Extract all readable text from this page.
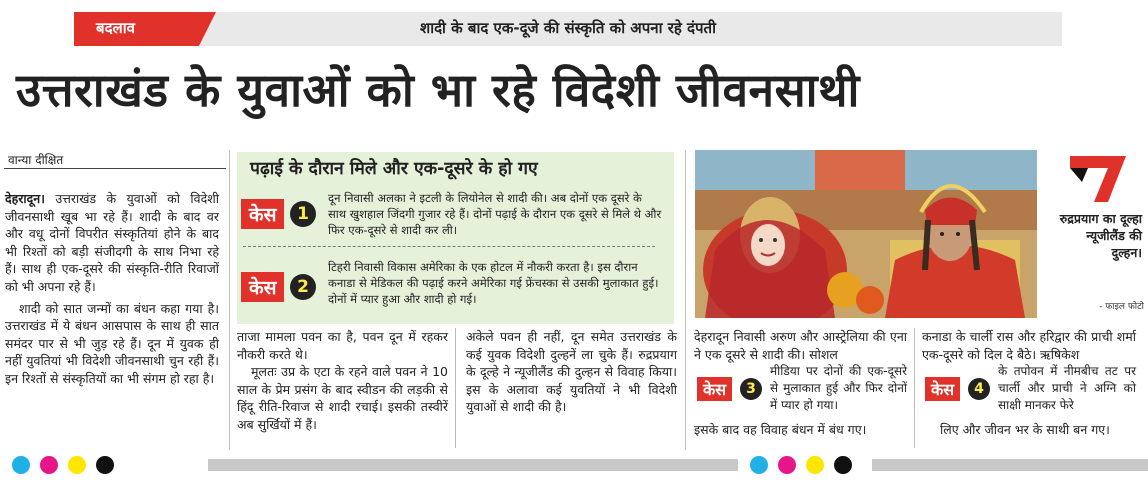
बदलाव	शादी के बाद एक-दूजे की संस्कृति को अपना रहे दंपती
उत्तराखंड के युवाओं को भा रहे विदेशी जीवनसाथी
वान्या दीक्षित

देहरादून। उत्तराखंड के युवाओं को विदेशी जीवनसाथी खूब भा रहे हैं। शादी के बाद वर और वधू दोनों विपरीत संस्कृतियां होने के बाद भी रिश्तों को बड़ी संजीदगी के साथ निभा रहे हैं। साथ ही एक-दूसरे की संस्कृति-रीति रिवाजों को भी अपना रहे हैं।

शादी को सात जन्मों का बंधन कहा गया है। उत्तराखंड में ये बंधन आसपास के साथ ही सात समंदर पार से भी जुड़ रहे हैं। दून में युवक ही नहीं युवतियां भी विदेशी जीवनसाथी चुन रही हैं। इन रिश्तों से संस्कृतियों का भी संगम हो रहा है।

पढ़ाई के दौरान मिले और एक-दूसरे के हो गए
केस	1
दून निवासी अलका ने इटली के लियोनेल से शादी की। अब दोनों एक दूसरे के साथ खुशहाल जिंदगी गुजार रहे हैं। दोनों पढ़ाई के दौरान एक दूसरे से मिले थे और फिर एक-दूसरे से शादी कर ली।
केस	2
टिहरी निवासी विकास अमेरिका के एक होटल में नौकरी करता है। इस दौरान कनाडा से मेडिकल की पढ़ाई करने अमेरिका गई फ्रेंचस्का से उसकी मुलाकात हुई। दोनों में प्यार हुआ और शादी हो गई।

ताजा मामला पवन का है, पवन दून में रहकर नौकरी करते थे।

मूलतः उप्र के एटा के रहने वाले पवन ने 10 साल के प्रेम प्रसंग के बाद स्वीडन की लड़की से हिंदू रीति-रिवाज से शादी रचाई। इसकी तस्वीरें अब सुर्खियों में हैं।

अकेले पवन ही नहीं, दून समेत उत्तराखंड के कई युवक विदेशी दुल्हनें ला चुके हैं। रुद्रप्रयाग के दूल्हे ने न्यूजीलैंड की दुल्हन से विवाह किया। इस के अलावा कई युवतियों ने भी विदेशी युवाओं से शादी की है।

रुद्रप्रयाग का दूल्हा न्यूजीलैंड की दुल्हन।
- फाइल फोटो
देहरादून निवासी अरुण और आस्ट्रेलिया की एना ने एक दूसरे से शादी की। सोशल
केस	3
मीडिया पर दोनों की एक-दूसरे से मुलाकात हुई और फिर दोनों में प्यार हो गया।
इसके बाद वह विवाह बंधन में बंध गए।
कनाडा के चार्ली रास और हरिद्वार की प्राची शर्मा एक-दूसरे को दिल दे बैठे। ऋषिकेश
केस	4
के तपोवन में नीमबीच तट पर चार्ली और प्राची ने अग्नि को साक्षी मानकर फेरे
लिए और जीवन भर के साथी बन गए।
